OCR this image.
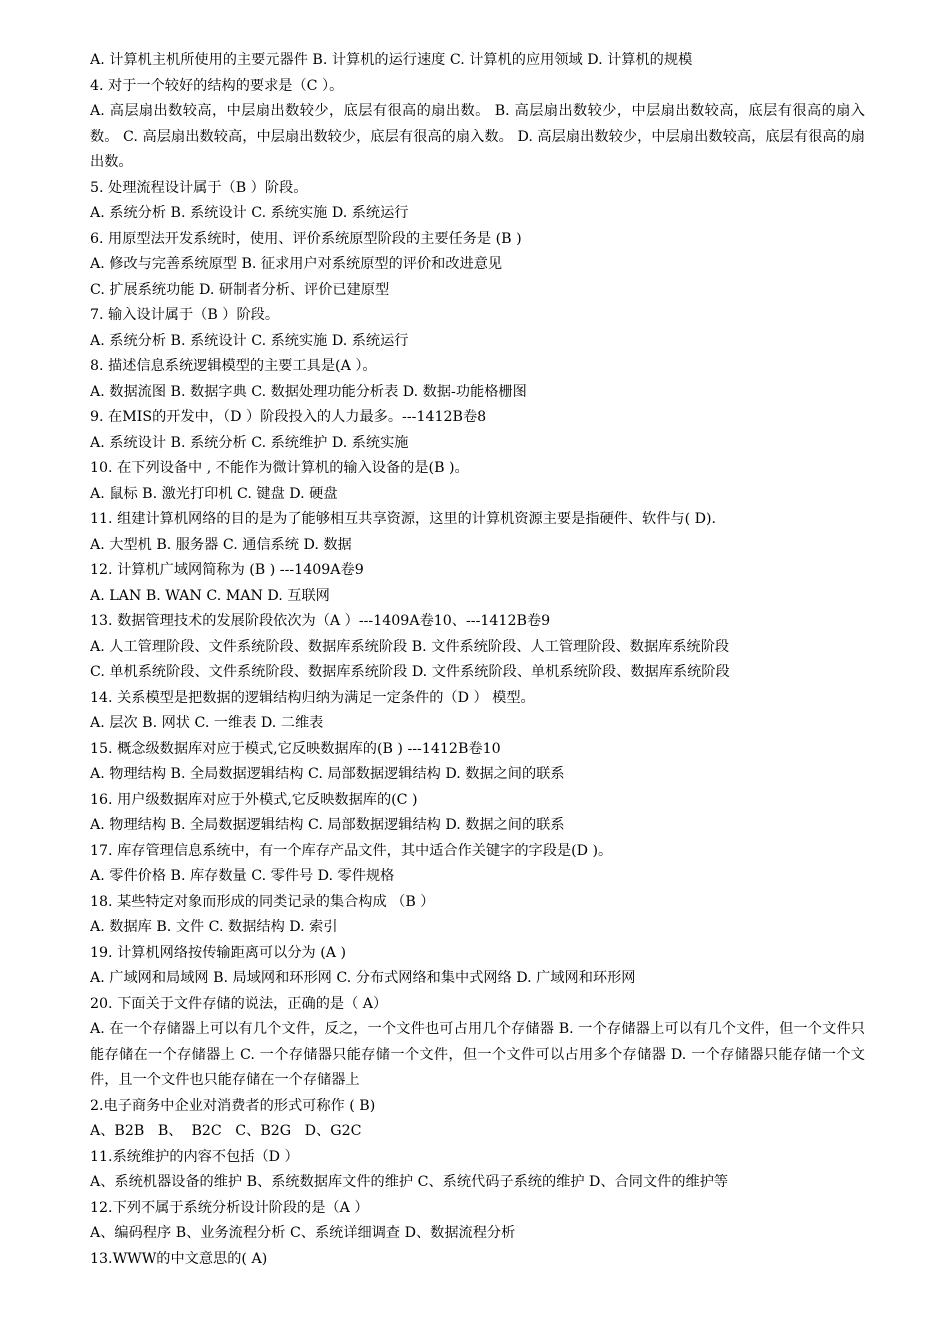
A. 计算机主机所使用的主要元器件 B. 计算机的运行速度 C. 计算机的应用领域 D. 计算机的规模
4. 对于一个较好的结构的要求是（C ）。
A. 高层扇出数较高，中层扇出数较少，底层有很高的扇出数。 B. 高层扇出数较少，中层扇出数较高，底层有很高的扇入数。 C. 高层扇出数较高，中层扇出数较少，底层有很高的扇入数。 D. 高层扇出数较少，中层扇出数较高，底层有很高的扇出数。
5. 处理流程设计属于（B ）阶段。
A. 系统分析 B. 系统设计 C. 系统实施 D. 系统运行
6. 用原型法开发系统时，使用、评价系统原型阶段的主要任务是 (B )
A. 修改与完善系统原型 B. 征求用户对系统原型的评价和改进意见
C. 扩展系统功能 D. 研制者分析、评价已建原型
7. 输入设计属于（B ）阶段。
A. 系统分析 B. 系统设计 C. 系统实施 D. 系统运行
8. 描述信息系统逻辑模型的主要工具是(A ）。
A. 数据流图 B. 数据字典 C. 数据处理功能分析表 D. 数据-功能格栅图
9. 在MIS的开发中，（D ）阶段投入的人力最多。---1412B卷8
A. 系统设计 B. 系统分析 C. 系统维护 D. 系统实施
10. 在下列设备中 , 不能作为微计算机的输入设备的是(B )。
A. 鼠标 B. 激光打印机 C. 键盘 D. 硬盘
11. 组建计算机网络的目的是为了能够相互共享资源，这里的计算机资源主要是指硬件、软件与( D).
A. 大型机 B. 服务器 C. 通信系统 D. 数据
12. 计算机广域网简称为 (B ) ---1409A卷9
A. LAN B. WAN C. MAN D. 互联网
13. 数据管理技术的发展阶段依次为（A ）---1409A卷10、---1412B卷9
A. 人工管理阶段、文件系统阶段、数据库系统阶段 B. 文件系统阶段、人工管理阶段、数据库系统阶段
C. 单机系统阶段、文件系统阶段、数据库系统阶段 D. 文件系统阶段、单机系统阶段、数据库系统阶段
14. 关系模型是把数据的逻辑结构归纳为满足一定条件的（D ） 模型。
A. 层次 B. 网状 C. 一维表 D. 二维表
15. 概念级数据库对应于模式,它反映数据库的(B ) ---1412B卷10
A. 物理结构 B. 全局数据逻辑结构 C. 局部数据逻辑结构 D. 数据之间的联系
16. 用户级数据库对应于外模式,它反映数据库的(C )
A. 物理结构 B. 全局数据逻辑结构 C. 局部数据逻辑结构 D. 数据之间的联系
17. 库存管理信息系统中，有一个库存产品文件，其中适合作关键字的字段是(D )。
A. 零件价格 B. 库存数量 C. 零件号 D. 零件规格
18. 某些特定对象而形成的同类记录的集合构成 （B ）
A. 数据库 B. 文件 C. 数据结构 D. 索引
19. 计算机网络按传输距离可以分为 (A )
A. 广域网和局域网 B. 局域网和环形网 C. 分布式网络和集中式网络 D. 广域网和环形网
20. 下面关于文件存储的说法，正确的是（ A）
A. 在一个存储器上可以有几个文件，反之，一个文件也可占用几个存储器 B. 一个存储器上可以有几个文件，但一个文件只能存储在一个存储器上 C. 一个存储器只能存储一个文件，但一个文件可以占用多个存储器 D. 一个存储器只能存储一个文件，且一个文件也只能存储在一个存储器上
2.电子商务中企业对消费者的形式可称作 ( B)
A、B2B   B、  B2C   C、B2G   D、G2C
11.系统维护的内容不包括（D ）
A、系统机器设备的维护 B、系统数据库文件的维护 C、系统代码子系统的维护 D、合同文件的维护等
12.下列不属于系统分析设计阶段的是（A ）
A、编码程序 B、业务流程分析 C、系统详细调查 D、数据流程分析
13.WWW的中文意思的( A)
